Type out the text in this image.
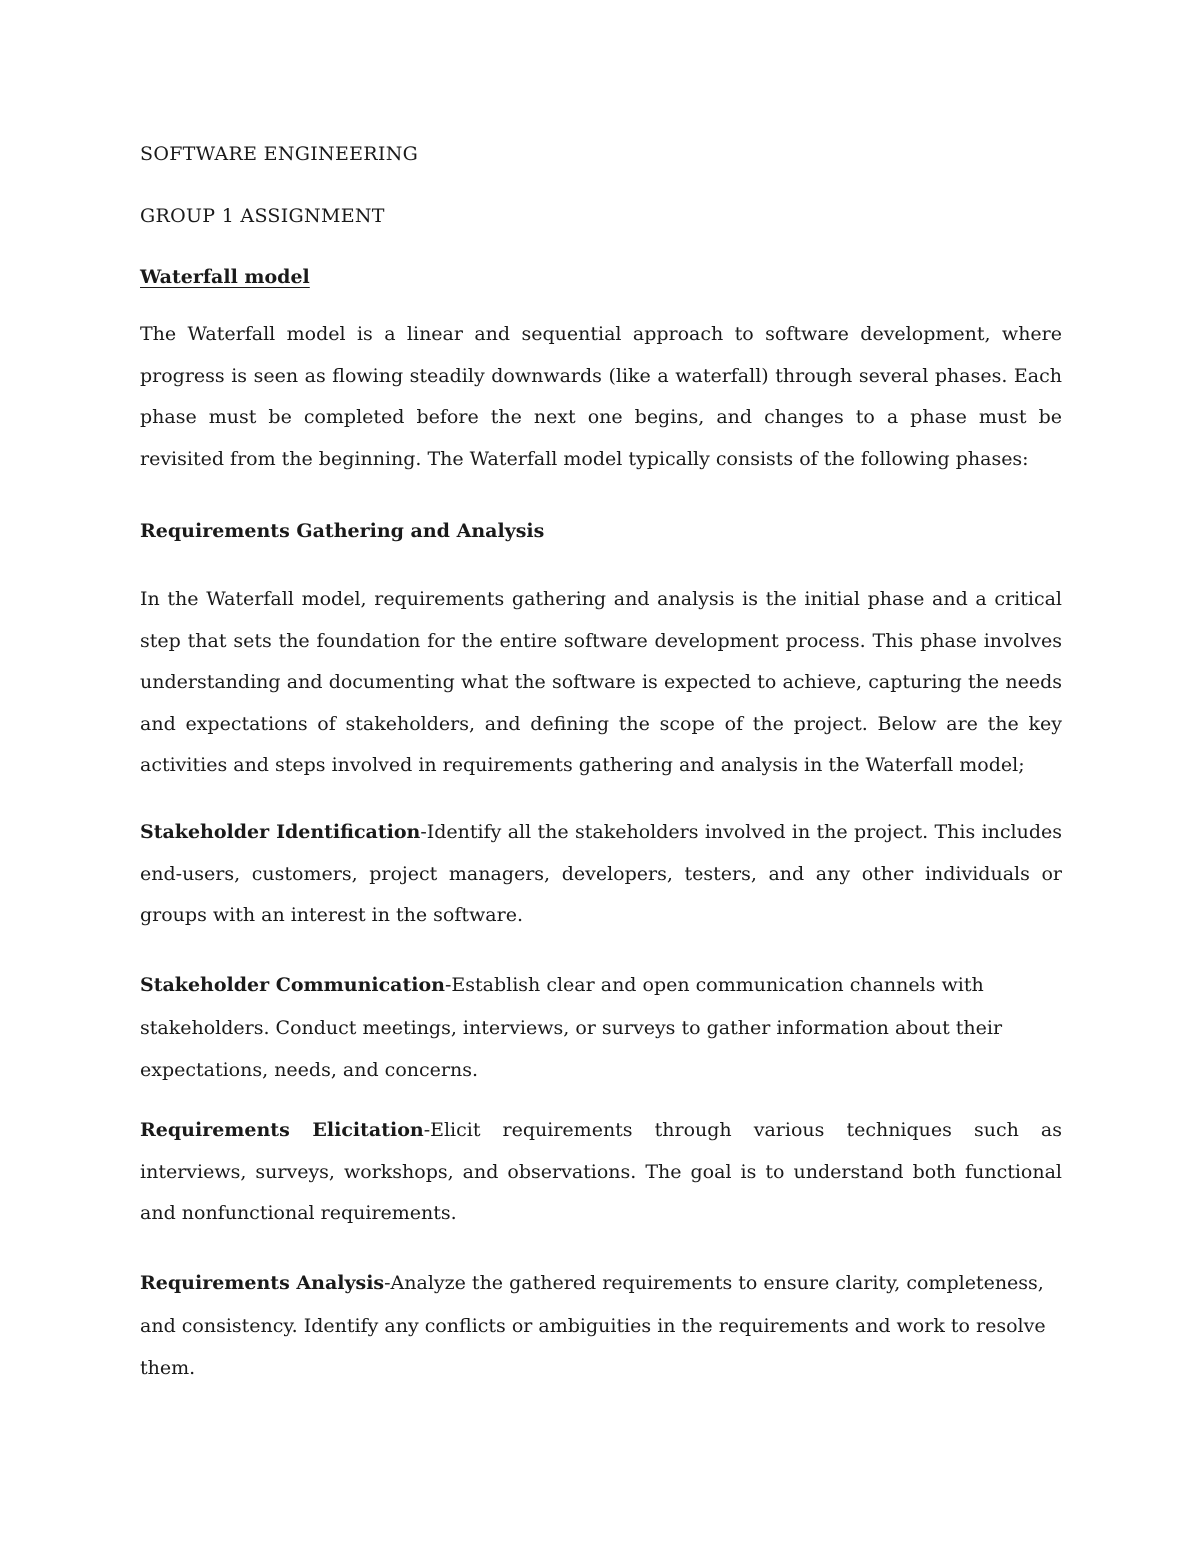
SOFTWARE ENGINEERING

GROUP 1 ASSIGNMENT

Waterfall model

The Waterfall model is a linear and sequential approach to software development, where progress is seen as flowing steadily downwards (like a waterfall) through several phases. Each phase must be completed before the next one begins, and changes to a phase must be revisited from the beginning. The Waterfall model typically consists of the following phases:

Requirements Gathering and Analysis

In the Waterfall model, requirements gathering and analysis is the initial phase and a critical step that sets the foundation for the entire software development process. This phase involves understanding and documenting what the software is expected to achieve, capturing the needs and expectations of stakeholders, and defining the scope of the project. Below are the key activities and steps involved in requirements gathering and analysis in the Waterfall model;

Stakeholder Identification-Identify all the stakeholders involved in the project. This includes end-users, customers, project managers, developers, testers, and any other individuals or groups with an interest in the software.

Stakeholder Communication-Establish clear and open communication channels with stakeholders. Conduct meetings, interviews, or surveys to gather information about their expectations, needs, and concerns.

Requirements Elicitation-Elicit requirements through various techniques such as interviews, surveys, workshops, and observations. The goal is to understand both functional and nonfunctional requirements.

Requirements Analysis-Analyze the gathered requirements to ensure clarity, completeness, and consistency. Identify any conflicts or ambiguities in the requirements and work to resolve them.
